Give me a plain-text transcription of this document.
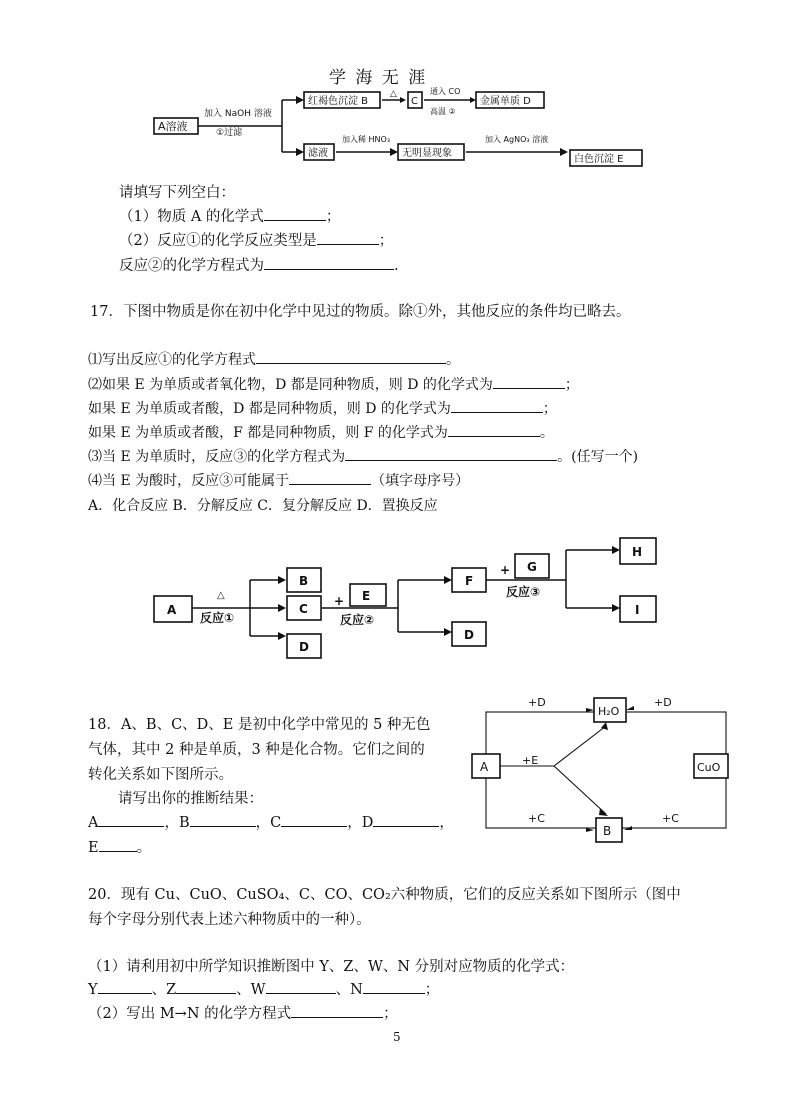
学 海 无 涯
A溶液
加入 NaOH 溶液
①过滤
红褐色沉淀 B
△
C
通入 CO
高温 ②
金属单质 D
滤液
加入稀 HNO₃
无明显现象
加入 AgNO₃ 溶液
白色沉淀 E
请填写下列空白：
（1）物质 A 的化学式	；
（2）反应①的化学反应类型是	；
反应②的化学方程式为	.
17．下图中物质是你在初中化学中见过的物质。除①外，其他反应的条件均已略去。
⑴写出反应①的化学方程式	。
⑵如果 E 为单质或者氧化物，D 都是同种物质，则 D 的化学式为	；
如果 E 为单质或者酸，D 都是同种物质，则 D 的化学式为	；
如果 E 为单质或者酸，F 都是同种物质，则 F 的化学式为	。
⑶当 E 为单质时，反应③的化学方程式为	。(任写一个)
⑷当 E 为酸时，反应③可能属于	（填字母序号）
A．化合反应 B．分解反应 C．复分解反应 D．置换反应
A
△
反应①
B
C
D
+ E
反应②
F
D
+ G
反应③
H
I
18．A、B、C、D、E 是初中化学中常见的 5 种无色
气体，其中 2 种是单质，3 种是化合物。它们之间的
转化关系如下图所示。
请写出你的推断结果：
A	，B	，C	，D	，
E	。
A
H₂O
CuO
B
+D	+D
+E
+C	+C
20．现有 Cu、CuO、CuSO₄、C、CO、CO₂六种物质，它们的反应关系如下图所示（图中
每个字母分别代表上述六种物质中的一种）。
（1）请利用初中所学知识推断图中 Y、Z、W、N 分别对应物质的化学式：
Y	、Z	、W	、N	；
（2）写出 M→N 的化学方程式	；
5
